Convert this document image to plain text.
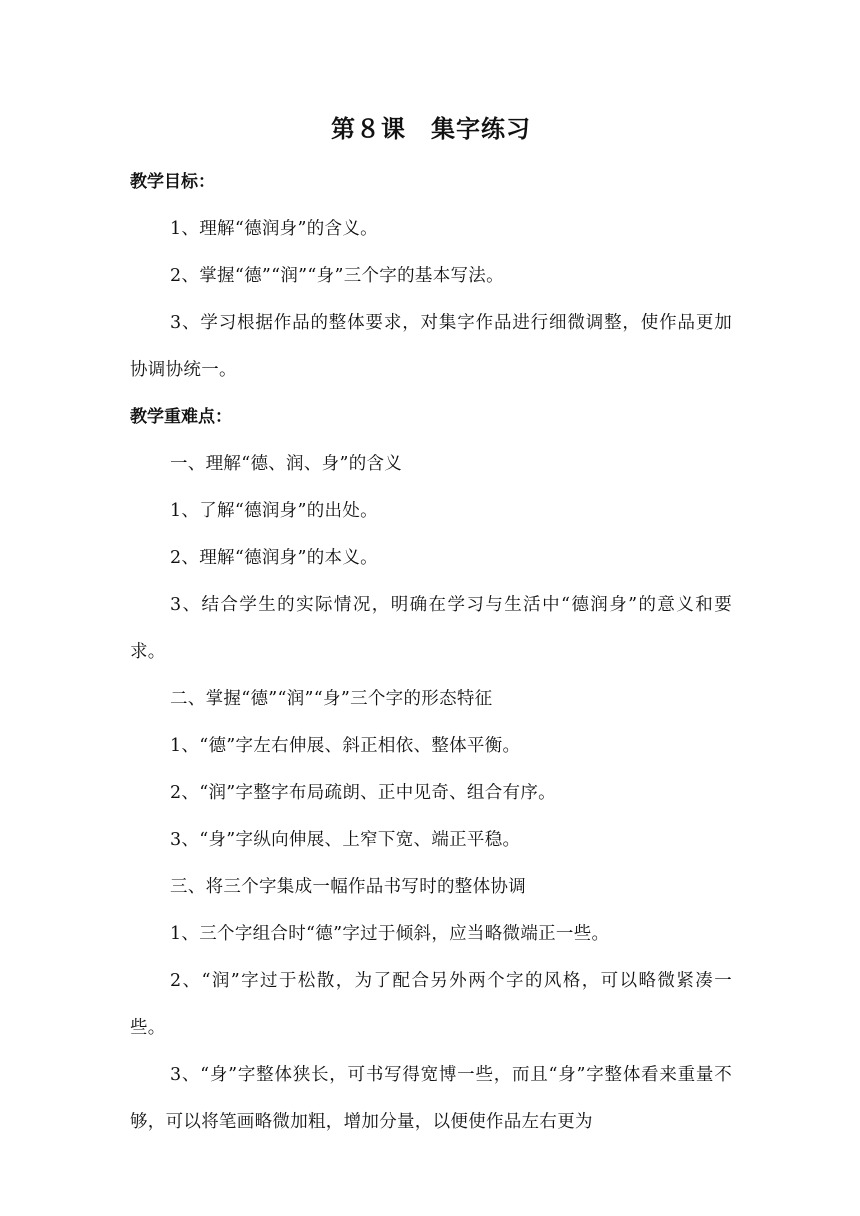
第８课　集字练习

教学目标：

1、理解“德润身”的含义。

2、掌握“德”“润”“身”三个字的基本写法。

3、学习根据作品的整体要求，对集字作品进行细微调整，使作品更加协调协统一。

教学重难点：

一、理解“德、润、身”的含义

1、了解“德润身”的出处。

2、理解“德润身”的本义。

3、结合学生的实际情况，明确在学习与生活中“德润身”的意义和要求。

二、掌握“德”“润”“身”三个字的形态特征

1、“德”字左右伸展、斜正相依、整体平衡。

2、“润”字整字布局疏朗、正中见奇、组合有序。

3、“身”字纵向伸展、上窄下宽、端正平稳。

三、将三个字集成一幅作品书写时的整体协调

1、三个字组合时“德”字过于倾斜，应当略微端正一些。

2、“润”字过于松散，为了配合另外两个字的风格，可以略微紧凑一些。

3、“身”字整体狭长，可书写得宽博一些，而且“身”字整体看来重量不够，可以将笔画略微加粗，增加分量，以便使作品左右更为
